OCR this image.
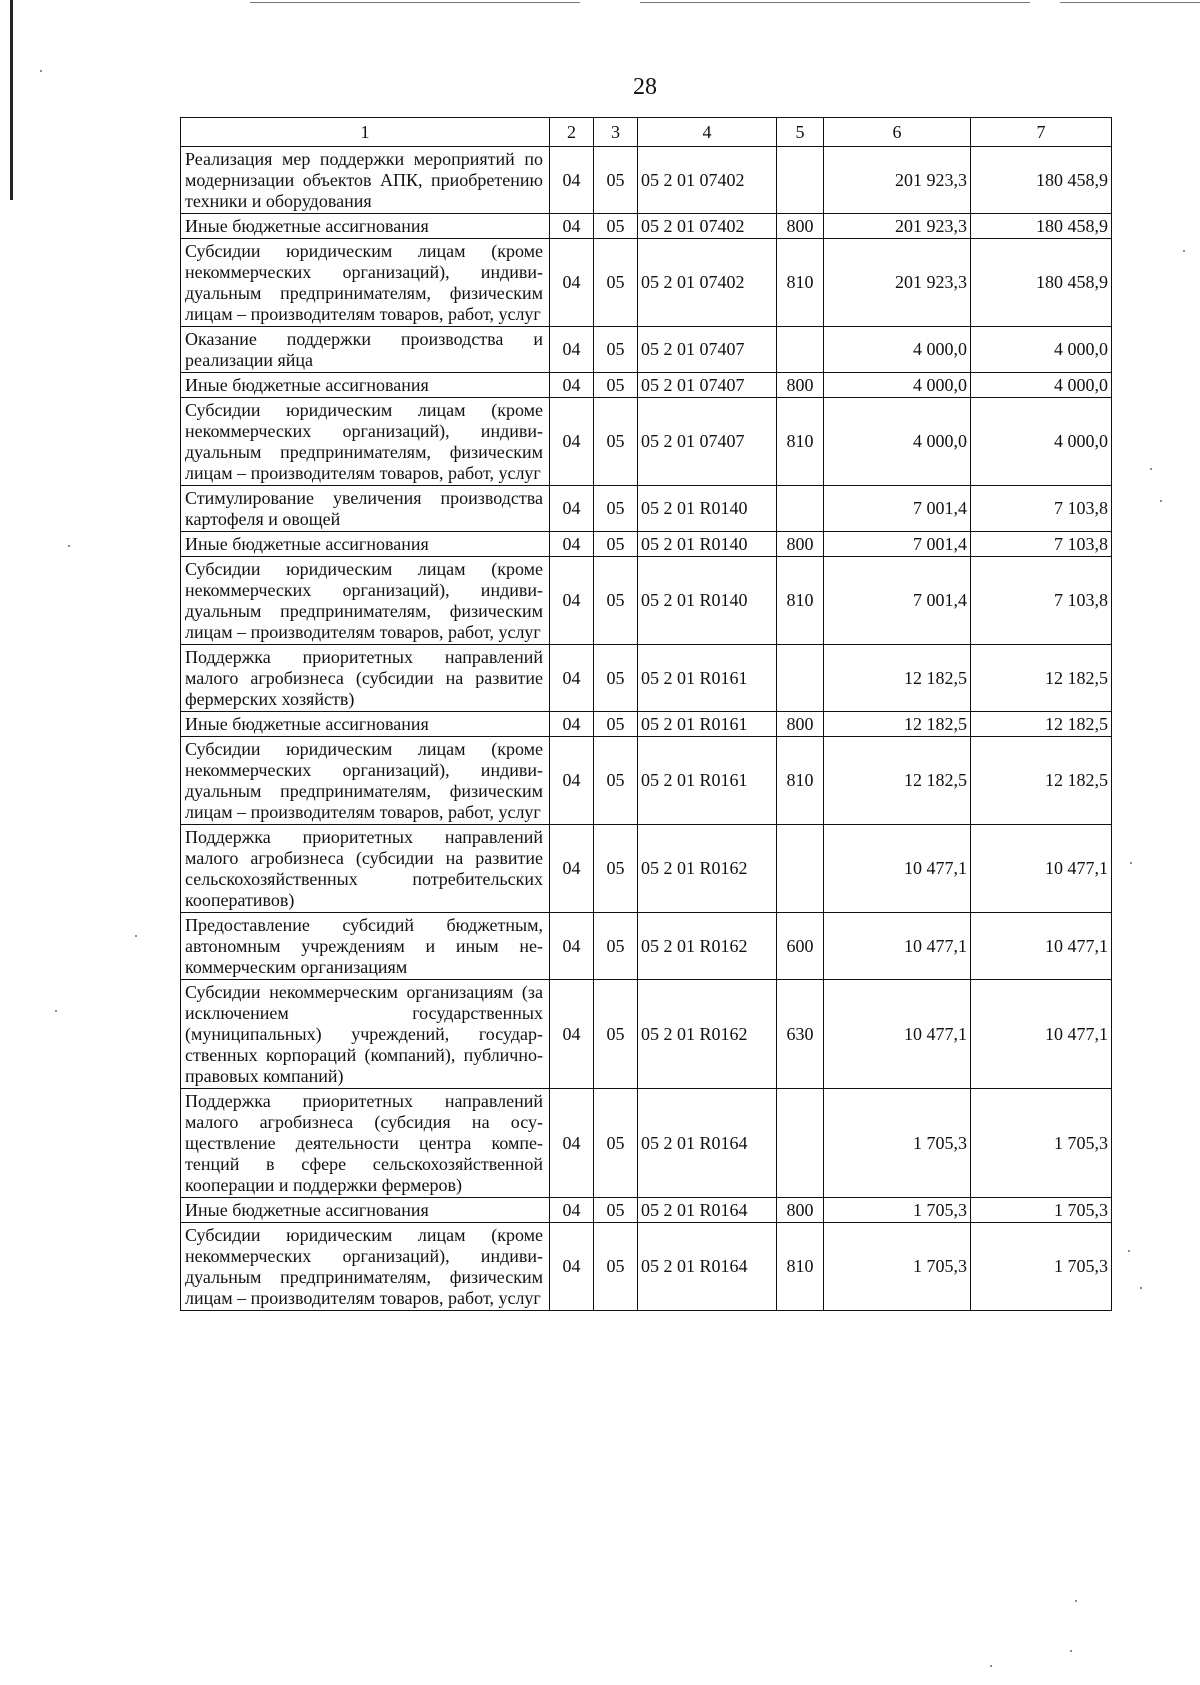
28
1	2	3	4	5	6	7
Реализация мер поддержки мероприятий по модернизации объектов АПК, приобретению техники и оборудования	04	05	05 2 01 07402		201 923,3	180 458,9
Иные бюджетные ассигнования	04	05	05 2 01 07402	800	201 923,3	180 458,9
Субсидии юридическим лицам (кроме некоммерческих организаций), индивидуальным предпринимателям, физическим лицам – производителям товаров, работ, услуг	04	05	05 2 01 07402	810	201 923,3	180 458,9
Оказание поддержки производства и реализации яйца	04	05	05 2 01 07407		4 000,0	4 000,0
Иные бюджетные ассигнования	04	05	05 2 01 07407	800	4 000,0	4 000,0
Субсидии юридическим лицам (кроме некоммерческих организаций), индивидуальным предпринимателям, физическим лицам – производителям товаров, работ, услуг	04	05	05 2 01 07407	810	4 000,0	4 000,0
Стимулирование увеличения производства картофеля и овощей	04	05	05 2 01 R0140		7 001,4	7 103,8
Иные бюджетные ассигнования	04	05	05 2 01 R0140	800	7 001,4	7 103,8
Субсидии юридическим лицам (кроме некоммерческих организаций), индивидуальным предпринимателям, физическим лицам – производителям товаров, работ, услуг	04	05	05 2 01 R0140	810	7 001,4	7 103,8
Поддержка приоритетных направлений малого агробизнеса (субсидии на развитие фермерских хозяйств)	04	05	05 2 01 R0161		12 182,5	12 182,5
Иные бюджетные ассигнования	04	05	05 2 01 R0161	800	12 182,5	12 182,5
Субсидии юридическим лицам (кроме некоммерческих организаций), индивидуальным предпринимателям, физическим лицам – производителям товаров, работ, услуг	04	05	05 2 01 R0161	810	12 182,5	12 182,5
Поддержка приоритетных направлений малого агробизнеса (субсидии на развитие сельскохозяйственных потребительских кооперативов)	04	05	05 2 01 R0162		10 477,1	10 477,1
Предоставление субсидий бюджетным, автономным учреждениям и иным некоммерческим организациям	04	05	05 2 01 R0162	600	10 477,1	10 477,1
Субсидии некоммерческим организациям (за исключением государственных (муниципальных) учреждений, государственных корпораций (компаний), публично-правовых компаний)	04	05	05 2 01 R0162	630	10 477,1	10 477,1
Поддержка приоритетных направлений малого агробизнеса (субсидия на осуществление деятельности центра компетенций в сфере сельскохозяйственной кооперации и поддержки фермеров)	04	05	05 2 01 R0164		1 705,3	1 705,3
Иные бюджетные ассигнования	04	05	05 2 01 R0164	800	1 705,3	1 705,3
Субсидии юридическим лицам (кроме некоммерческих организаций), индивидуальным предпринимателям, физическим лицам – производителям товаров, работ, услуг	04	05	05 2 01 R0164	810	1 705,3	1 705,3
